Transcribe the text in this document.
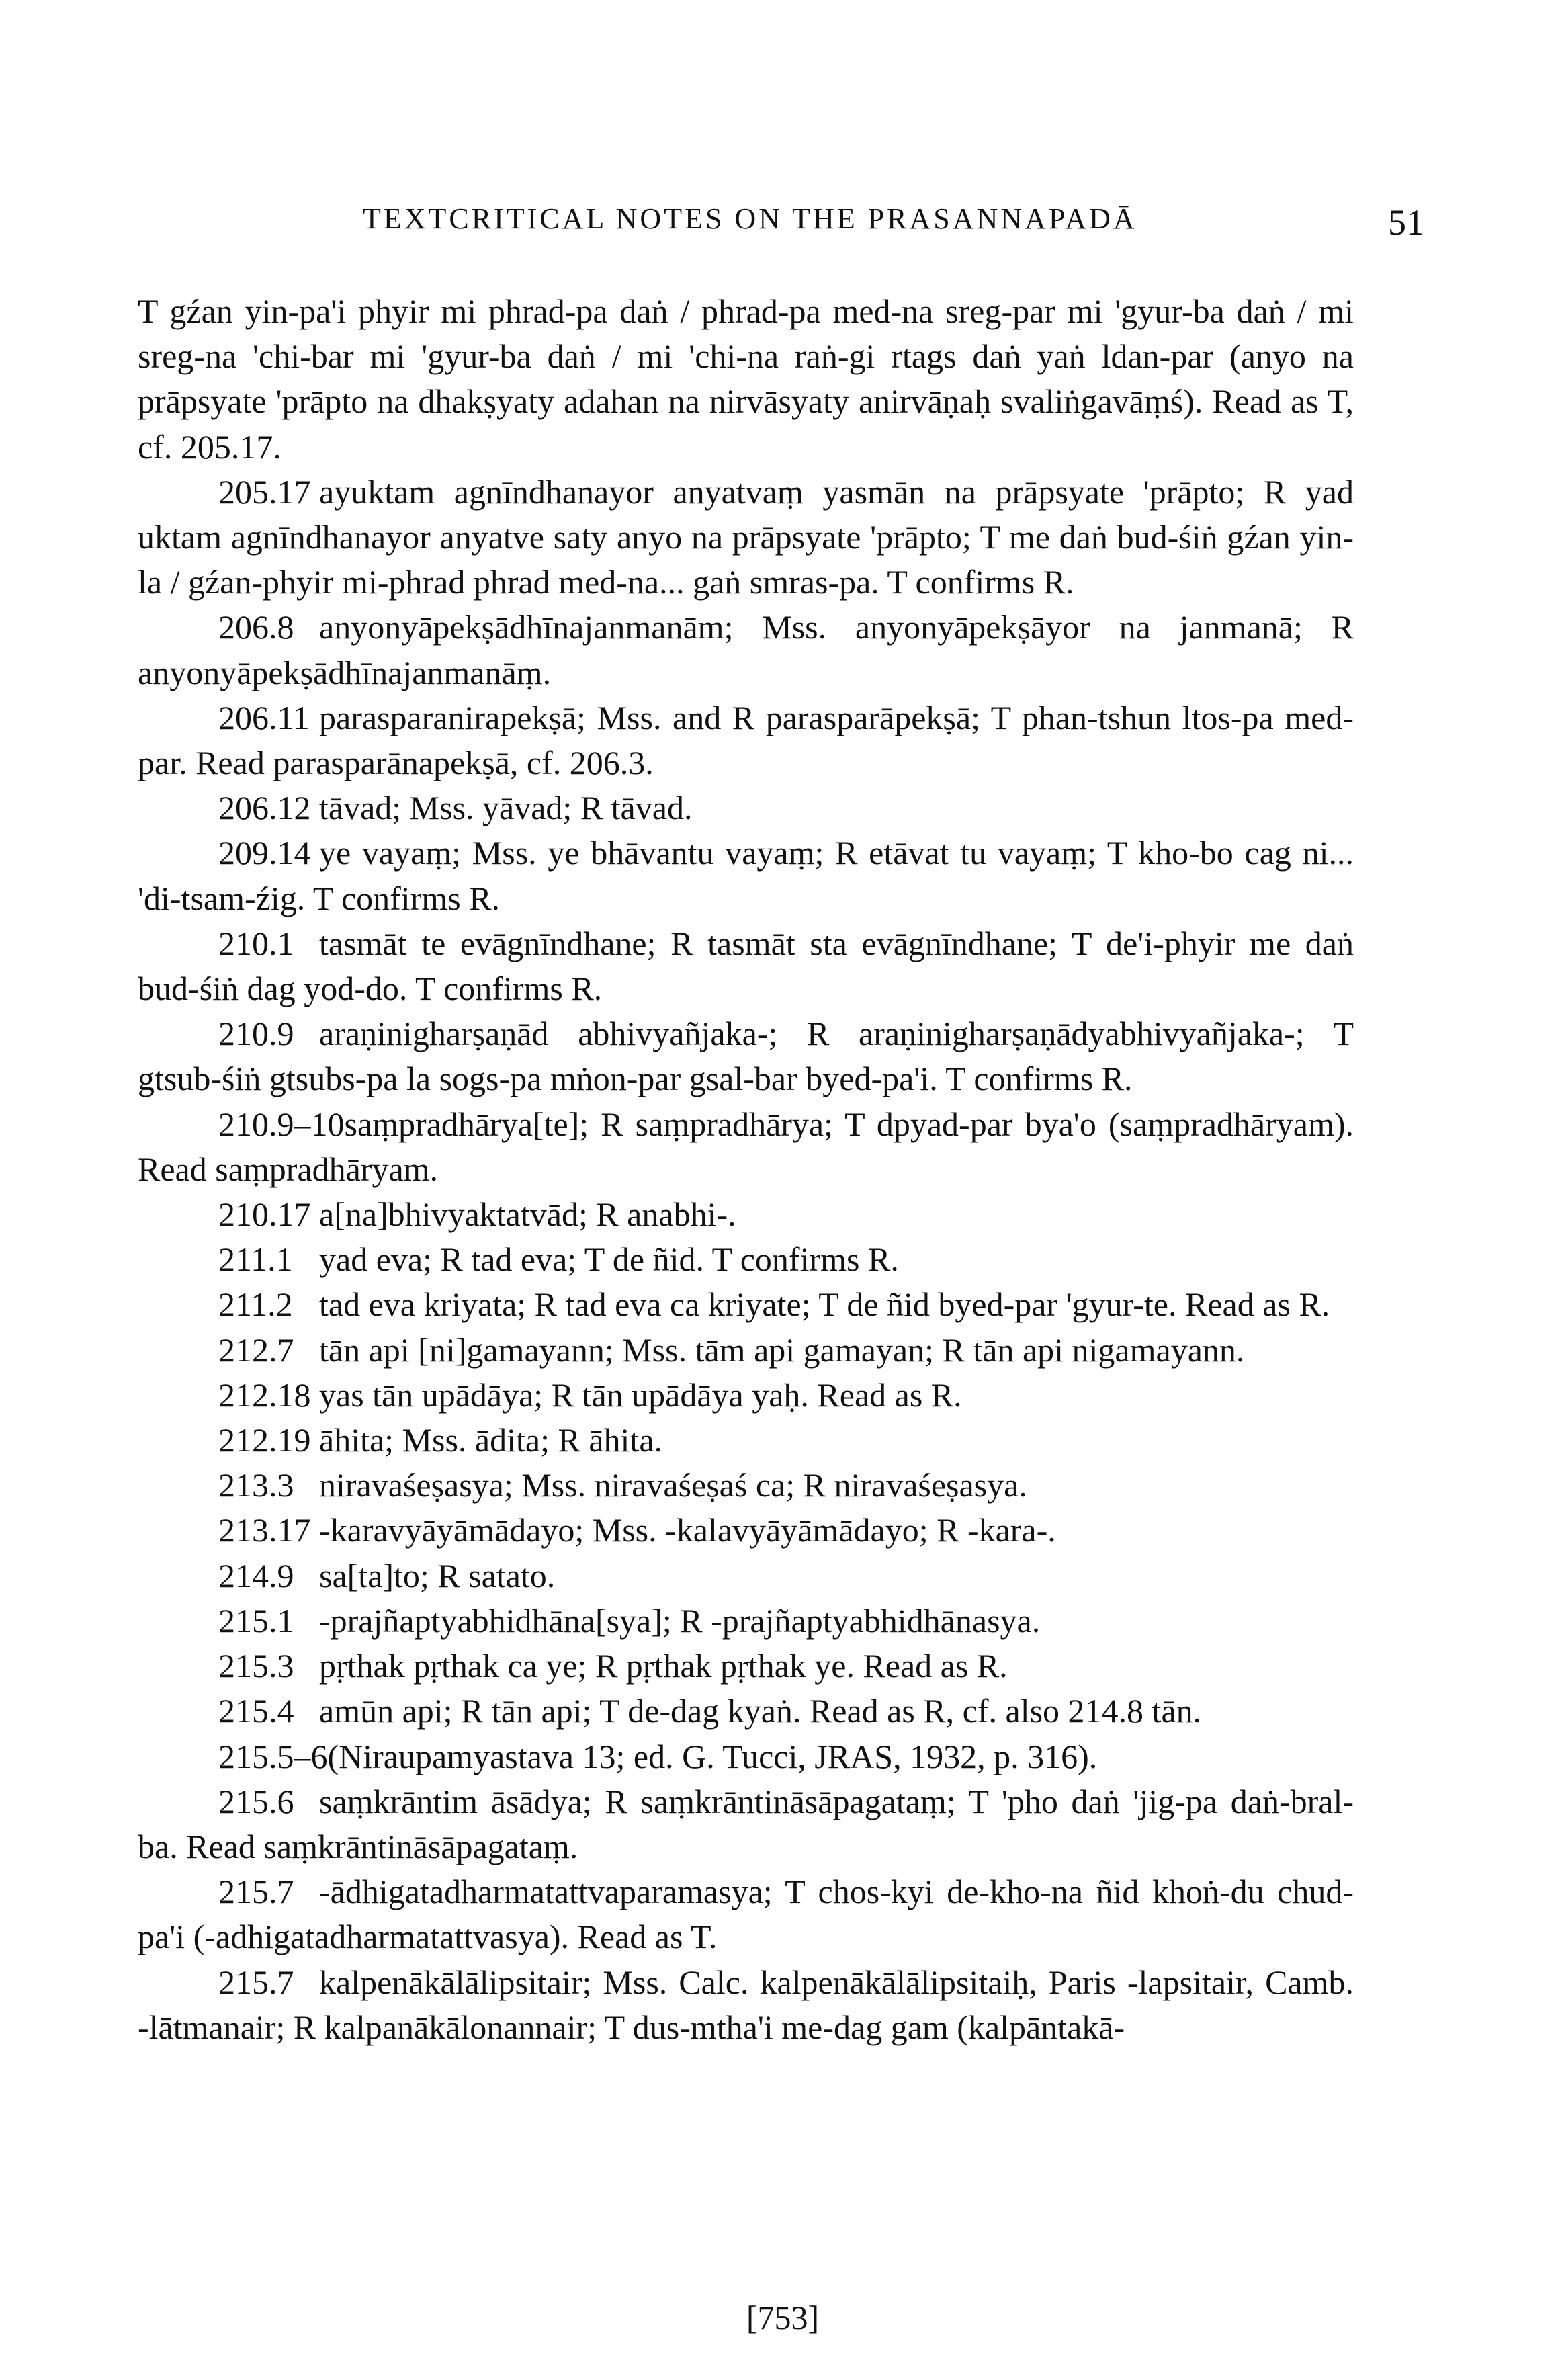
TEXTCRITICAL NOTES ON THE PRASANNAPADĀ	51

T gźan yin-pa'i phyir mi phrad-pa daṅ / phrad-pa med-na sreg-par mi 'gyur-ba daṅ / mi sreg-na 'chi-bar mi 'gyur-ba daṅ / mi 'chi-na raṅ-gi rtags daṅ yaṅ ldan-par (anyo na prāpsyate 'prāpto na dhakṣyaty adahan na nirvāsyaty anirvāṇaḥ svaliṅgavāṃś). Read as T, cf. 205.17.

205.17 ayuktam agnīndhanayor anyatvaṃ yasmān na prāpsyate 'prāpto; R yad uktam agnīndhanayor anyatve saty anyo na prāpsyate 'prāpto; T me daṅ bud-śiṅ gźan yin-la / gźan-phyir mi-phrad phrad med-na... gaṅ smras-pa. T confirms R.

206.8 anyonyāpekṣādhīnajanmanām; Mss. anyonyāpekṣāyor na janmanā; R anyonyāpekṣādhīnajanmanāṃ.

206.11 parasparanirapekṣā; Mss. and R parasparāpekṣā; T phan-tshun ltos-pa med-par. Read parasparānapekṣā, cf. 206.3.

206.12 tāvad; Mss. yāvad; R tāvad.

209.14 ye vayaṃ; Mss. ye bhāvantu vayaṃ; R etāvat tu vayaṃ; T kho-bo cag ni... 'di-tsam-źig. T confirms R.

210.1 tasmāt te evāgnīndhane; R tasmāt sta evāgnīndhane; T de'i-phyir me daṅ bud-śiṅ dag yod-do. T confirms R.

210.9 araṇinigharṣaṇād abhivyañjaka-; R araṇinigharṣaṇādyabhivyañjaka-; T gtsub-śiṅ gtsubs-pa la sogs-pa mṅon-par gsal-bar byed-pa'i. T confirms R.

210.9–10saṃpradhārya[te]; R saṃpradhārya; T dpyad-par bya'o (saṃpradhāryam). Read saṃpradhāryam.

210.17 a[na]bhivyaktatvād; R anabhi-.

211.1 yad eva; R tad eva; T de ñid. T confirms R.

211.2 tad eva kriyata; R tad eva ca kriyate; T de ñid byed-par 'gyur-te. Read as R.

212.7 tān api [ni]gamayann; Mss. tām api gamayan; R tān api nigamayann.

212.18 yas tān upādāya; R tān upādāya yaḥ. Read as R.

212.19 āhita; Mss. ādita; R āhita.

213.3 niravaśeṣasya; Mss. niravaśeṣaś ca; R niravaśeṣasya.

213.17 -karavyāyāmādayo; Mss. -kalavyāyāmādayo; R -kara-.

214.9 sa[ta]to; R satato.

215.1 -prajñaptyabhidhāna[sya]; R -prajñaptyabhidhānasya.

215.3 pṛthak pṛthak ca ye; R pṛthak pṛthak ye. Read as R.

215.4 amūn api; R tān api; T de-dag kyaṅ. Read as R, cf. also 214.8 tān.

215.5–6(Niraupamyastava 13; ed. G. Tucci, JRAS, 1932, p. 316).

215.6 saṃkrāntim āsādya; R saṃkrāntināsāpagataṃ; T 'pho daṅ 'jig-pa daṅ-bral-ba. Read saṃkrāntināsāpagataṃ.

215.7 -ādhigatadharmatattvaparamasya; T chos-kyi de-kho-na ñid khoṅ-du chud-pa'i (-adhigatadharmatattvasya). Read as T.

215.7 kalpenākālālipsitair; Mss. Calc. kalpenākālālipsitaiḥ, Paris -lapsitair, Camb. -lātmanair; R kalpanākālonannair; T dus-mtha'i me-dag gam (kalpāntakā-

[753]
